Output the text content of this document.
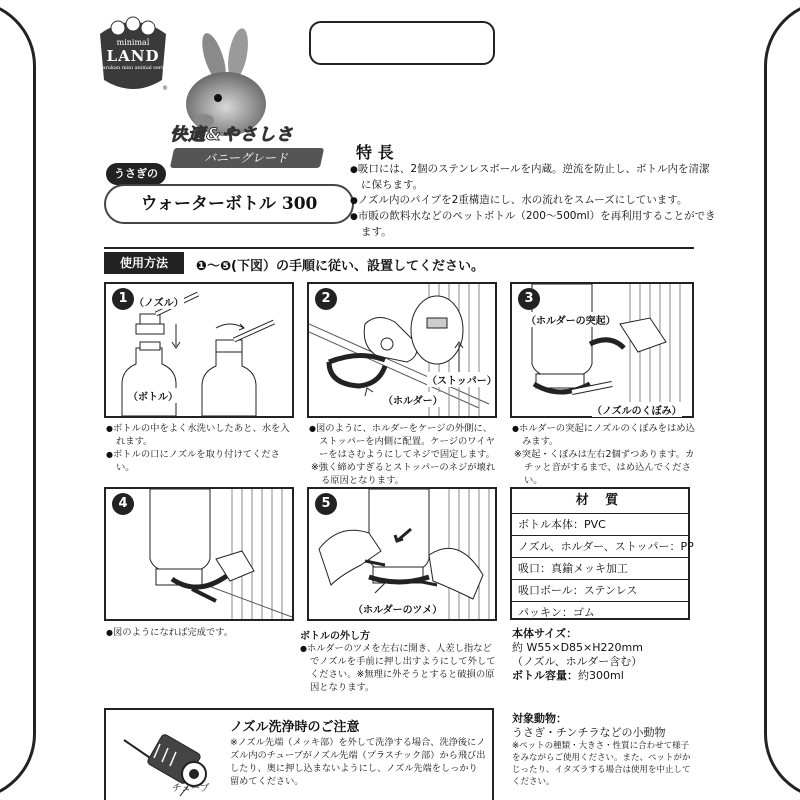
®
minimal
LAND
marukan mini animal series
快適&やさしさ
バニーグレード
うさぎの
ウォーターボトル 300
特 長
● 吸口には、2個のステンレスボールを内蔵。逆流を防止し、ボトル内を清潔に保ちます。
● ノズル内のパイプを2重構造にし、水の流れをスムーズにしています。
● 市販の飲料水などのペットボトル（200～500ml）を再利用することができます。
使用方法	❶～❺(下図）の手順に従い、設置してください。
1 （ノズル）
（ボトル）
● ボトルの中をよく水洗いしたあと、水を入れます。
● ボトルの口にノズルを取り付けてください。
2
（ストッパー）
（ホルダー）
● 図のように、ホルダーをケージの外側に、ストッパーを内側に配置。ケージのワイヤーをはさむようにしてネジで固定します。
※強く締めすぎるとストッパーのネジが壊れる原因となります。
3
（ホルダーの突起）
（ノズルのくぼみ）
● ホルダーの突起にノズルのくぼみをはめ込みます。
※突起・くぼみは左右2個ずつあります。カチッと音がするまで、はめ込んでください。
4
● 図のようになれば完成です。
5
（ホルダーのツメ）
ボトルの外し方
● ホルダーのツメを左右に開き、人差し指などでノズルを手前に押し出すようにして外してください。※無理に外そうとすると破損の原因となります。
材 質
ボトル本体：PVC
ノズル、ホルダー、ストッパー：PP
吸口：真鍮メッキ加工
吸口ボール：ステンレス
パッキン：ゴム
本体サイズ：
約 W55×D85×H220mm
（ノズル、ホルダー含む）
ボトル容量：約300ml
対象動物：
うさぎ・チンチラなどの小動物
※ペットの種類・大きさ・性質に合わせて様子をみながらご使用ください。また、ペットがかじったり、イタズラする場合は使用を中止してください。
チューブ
ノズル洗浄時のご注意
※ノズル先端（メッキ部）を外して洗浄する場合、洗浄後にノズル内のチューブがノズル先端（プラスチック部）から飛び出したり、奥に押し込まないようにし、ノズル先端をしっかり留めてください。
